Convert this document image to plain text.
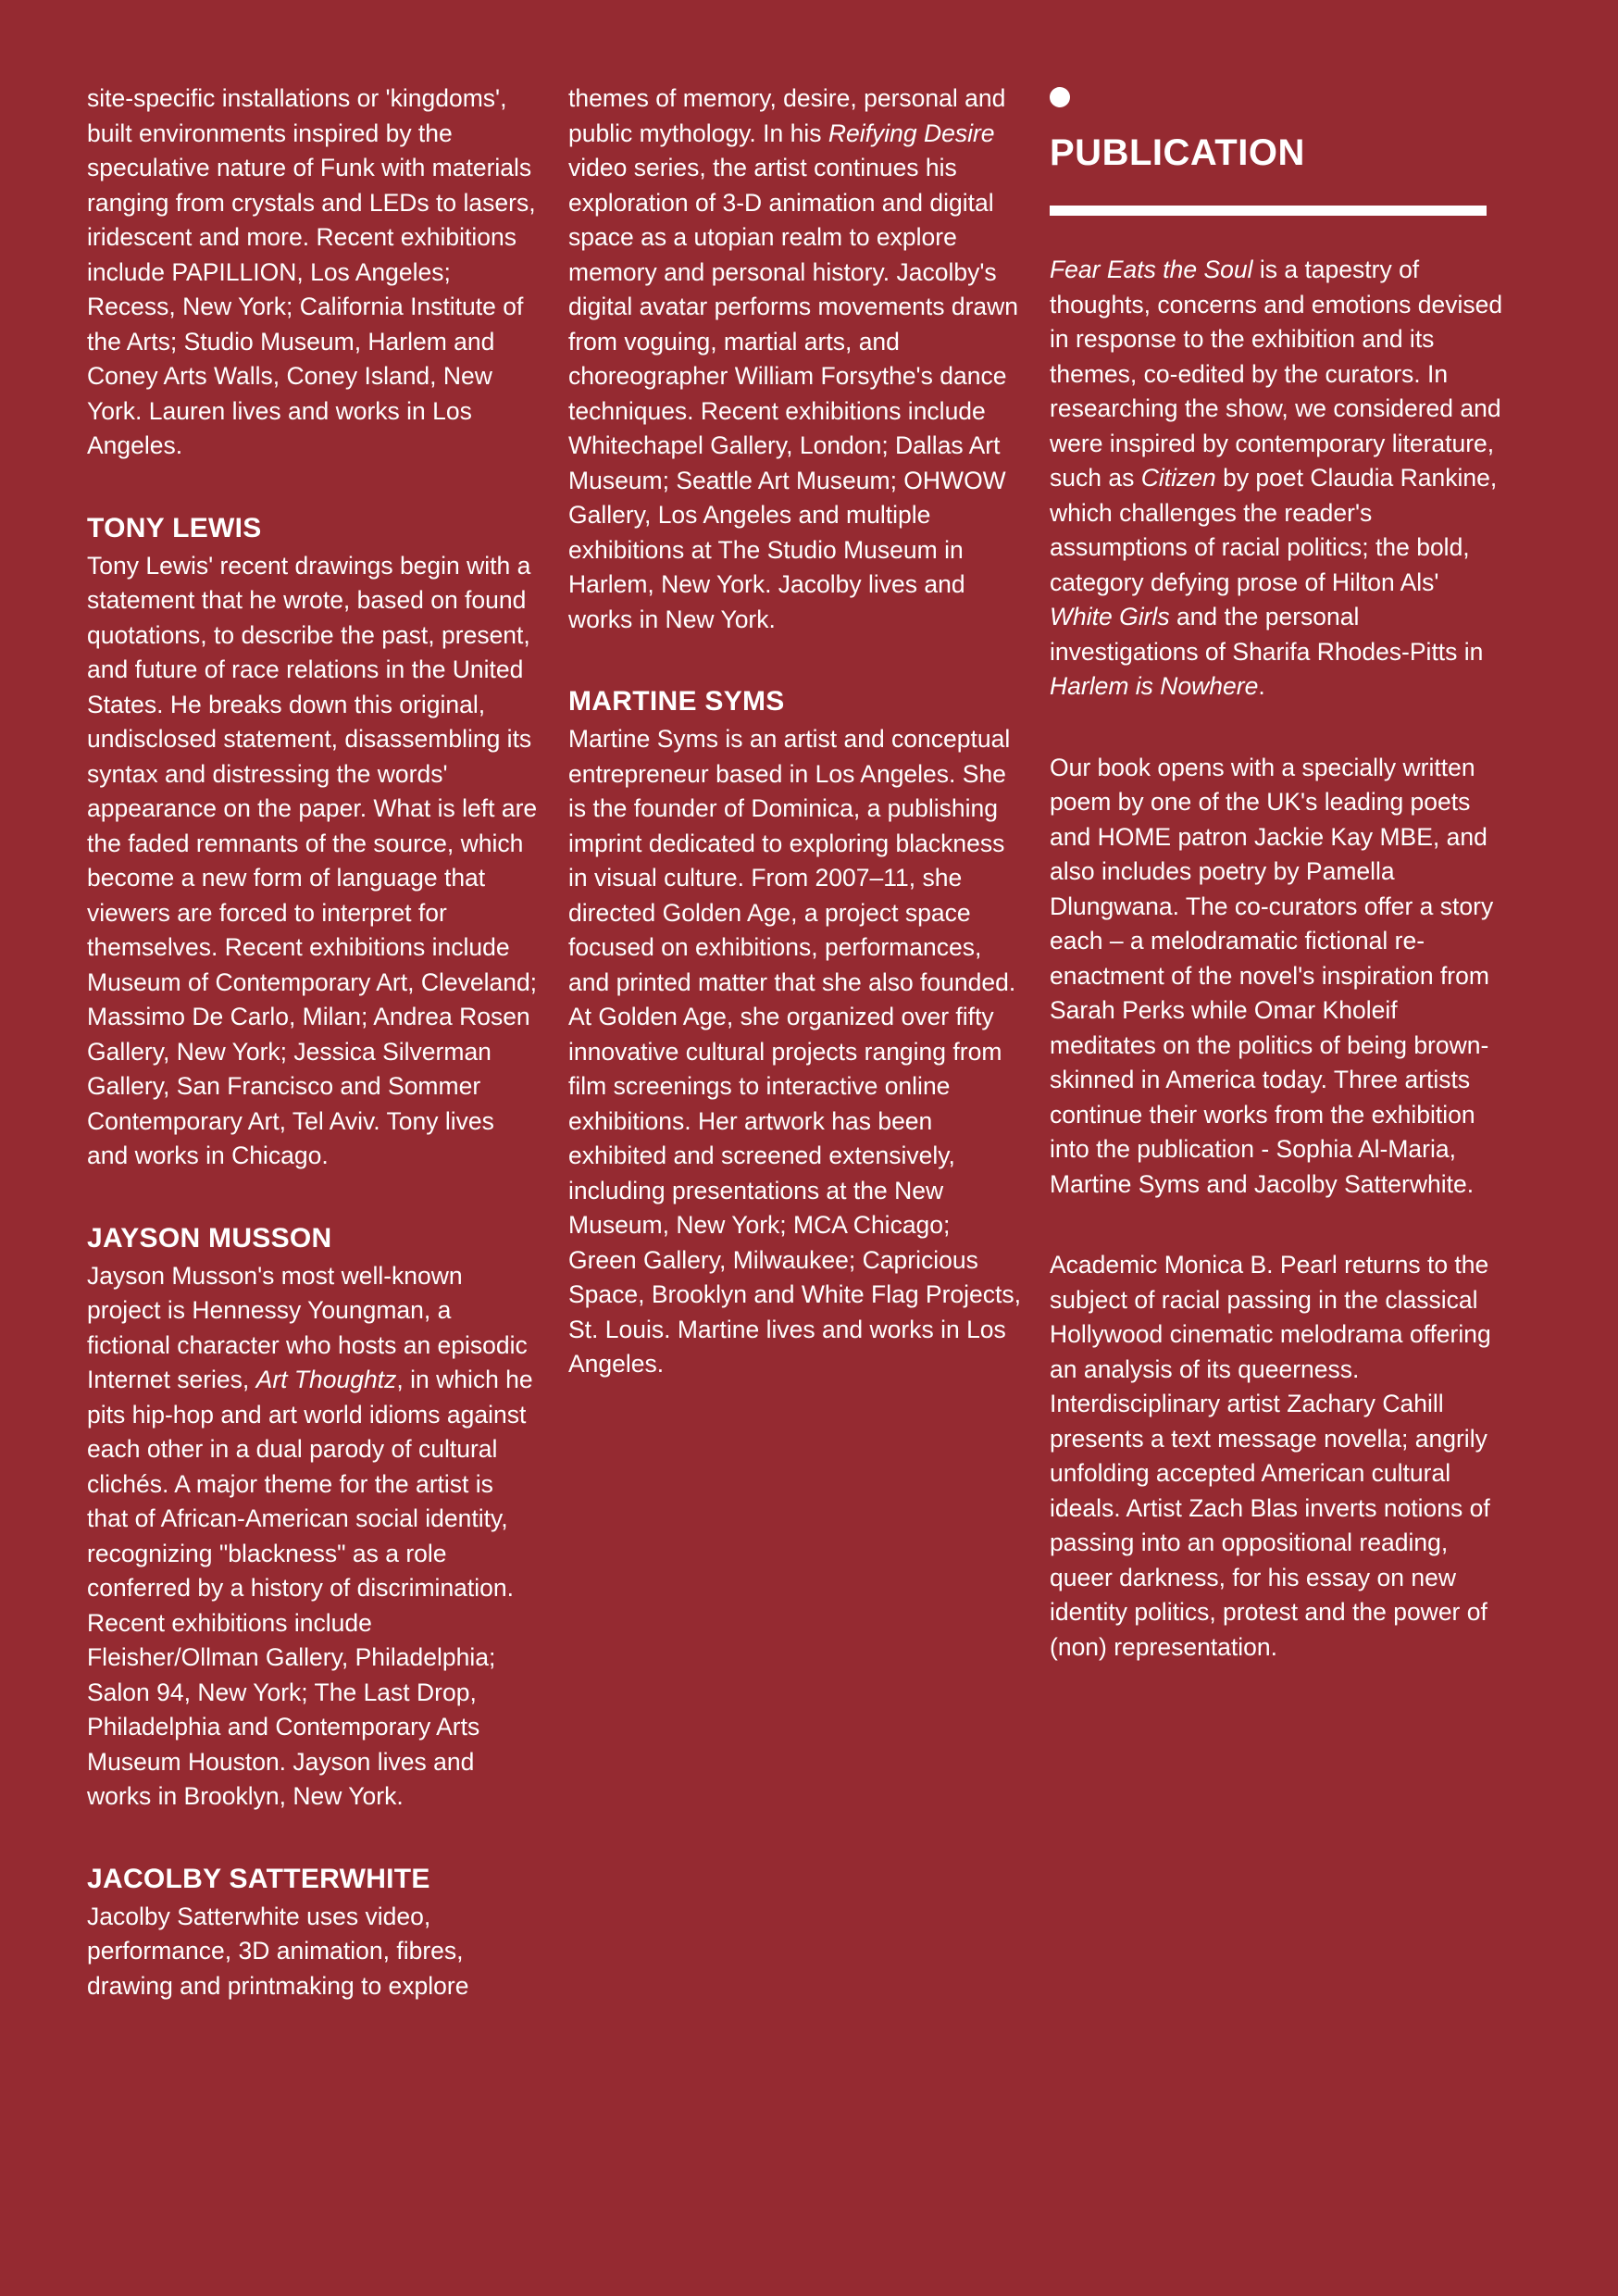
site-specific installations or 'kingdoms', built environments inspired by the speculative nature of Funk with materials ranging from crystals and LEDs to lasers, iridescent and more. Recent exhibitions include PAPILLION, Los Angeles; Recess, New York; California Institute of the Arts; Studio Museum, Harlem and Coney Arts Walls, Coney Island, New York. Lauren lives and works in Los Angeles.

TONY LEWIS

Tony Lewis' recent drawings begin with a statement that he wrote, based on found quotations, to describe the past, present, and future of race relations in the United States. He breaks down this original, undisclosed statement, disassembling its syntax and distressing the words' appearance on the paper. What is left are the faded remnants of the source, which become a new form of language that viewers are forced to interpret for themselves. Recent exhibitions include Museum of Contemporary Art, Cleveland; Massimo De Carlo, Milan; Andrea Rosen Gallery, New York; Jessica Silverman Gallery, San Francisco and Sommer Contemporary Art, Tel Aviv. Tony lives and works in Chicago.

JAYSON MUSSON

Jayson Musson's most well-known project is Hennessy Youngman, a fictional character who hosts an episodic Internet series, Art Thoughtz, in which he pits hip-hop and art world idioms against each other in a dual parody of cultural clichés. A major theme for the artist is that of African-American social identity, recognizing "blackness" as a role conferred by a history of discrimination. Recent exhibitions include Fleisher/Ollman Gallery, Philadelphia; Salon 94, New York; The Last Drop, Philadelphia and Contemporary Arts Museum Houston. Jayson lives and works in Brooklyn, New York.

JACOLBY SATTERWHITE

Jacolby Satterwhite uses video, performance, 3D animation, fibres, drawing and printmaking to explore

themes of memory, desire, personal and public mythology. In his Reifying Desire video series, the artist continues his exploration of 3-D animation and digital space as a utopian realm to explore memory and personal history. Jacolby's digital avatar performs movements drawn from voguing, martial arts, and choreographer William Forsythe's dance techniques. Recent exhibitions include Whitechapel Gallery, London; Dallas Art Museum; Seattle Art Museum; OHWOW Gallery, Los Angeles and multiple exhibitions at The Studio Museum in Harlem, New York. Jacolby lives and works in New York.

MARTINE SYMS

Martine Syms is an artist and conceptual entrepreneur based in Los Angeles. She is the founder of Dominica, a publishing imprint dedicated to exploring blackness in visual culture. From 2007–11, she directed Golden Age, a project space focused on exhibitions, performances, and printed matter that she also founded. At Golden Age, she organized over fifty innovative cultural projects ranging from film screenings to interactive online exhibitions. Her artwork has been exhibited and screened extensively, including presentations at the New Museum, New York; MCA Chicago; Green Gallery, Milwaukee; Capricious Space, Brooklyn and White Flag Projects, St. Louis. Martine lives and works in Los Angeles.

PUBLICATION

Fear Eats the Soul is a tapestry of thoughts, concerns and emotions devised in response to the exhibition and its themes, co-edited by the curators. In researching the show, we considered and were inspired by contemporary literature, such as Citizen by poet Claudia Rankine, which challenges the reader's assumptions of racial politics; the bold, category defying prose of Hilton Als' White Girls and the personal investigations of Sharifa Rhodes-Pitts in Harlem is Nowhere.

Our book opens with a specially written poem by one of the UK's leading poets and HOME patron Jackie Kay MBE, and also includes poetry by Pamella Dlungwana. The co-curators offer a story each – a melodramatic fictional re-enactment of the novel's inspiration from Sarah Perks while Omar Kholeif meditates on the politics of being brown-skinned in America today. Three artists continue their works from the exhibition into the publication - Sophia Al-Maria, Martine Syms and Jacolby Satterwhite.

Academic Monica B. Pearl returns to the subject of racial passing in the classical Hollywood cinematic melodrama offering an analysis of its queerness. Interdisciplinary artist Zachary Cahill presents a text message novella; angrily unfolding accepted American cultural ideals. Artist Zach Blas inverts notions of passing into an oppositional reading, queer darkness, for his essay on new identity politics, protest and the power of (non) representation.
